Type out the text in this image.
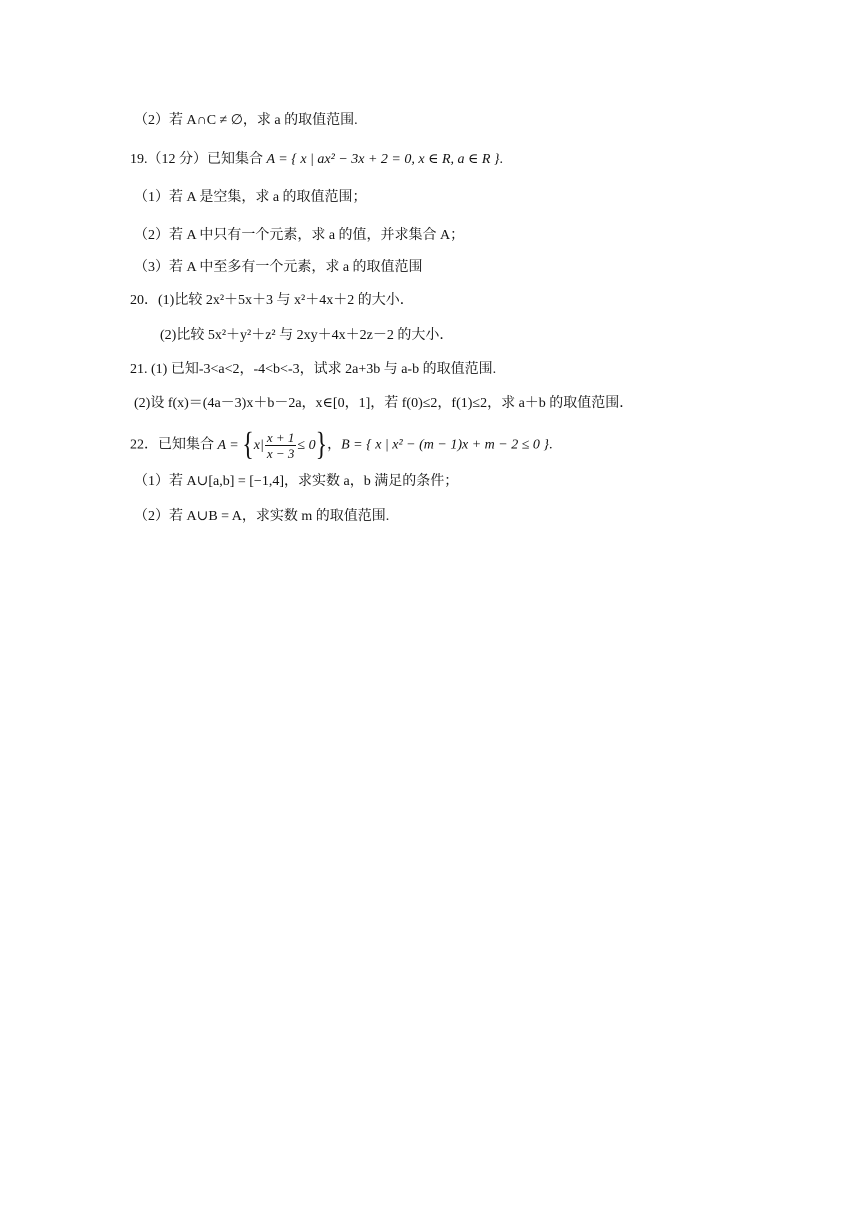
（2）若 A∩C ≠ ∅，求 a 的取值范围.
19.（12 分）已知集合 A = { x | ax² − 3x + 2 = 0, x ∈ R, a ∈ R }.
（1）若 A 是空集，求 a 的取值范围；
（2）若 A 中只有一个元素，求 a 的值，并求集合 A；
（3）若 A 中至多有一个元素，求 a 的取值范围
20．(1)比较 2x²＋5x＋3 与 x²＋4x＋2 的大小．
(2)比较 5x²＋y²＋z² 与 2xy＋4x＋2z－2 的大小．
21. (1) 已知-3<a<2，-4<b<-3，试求 2a+3b 与 a-b 的取值范围.
(2)设 f(x)＝(4a－3)x＋b－2a，x∈[0，1]，若 f(0)≤2，f(1)≤2，求 a＋b 的取值范围．
22．已知集合 $A = \{x| \frac{x + 1}{x - 3} \le 0\}$，B = { x | x² − (m − 1)x + m − 2 ≤ 0 }.
（1）若 A∪[a,b] = [−1,4]，求实数 a，b 满足的条件；
（2）若 A∪B = A，求实数 m 的取值范围.
